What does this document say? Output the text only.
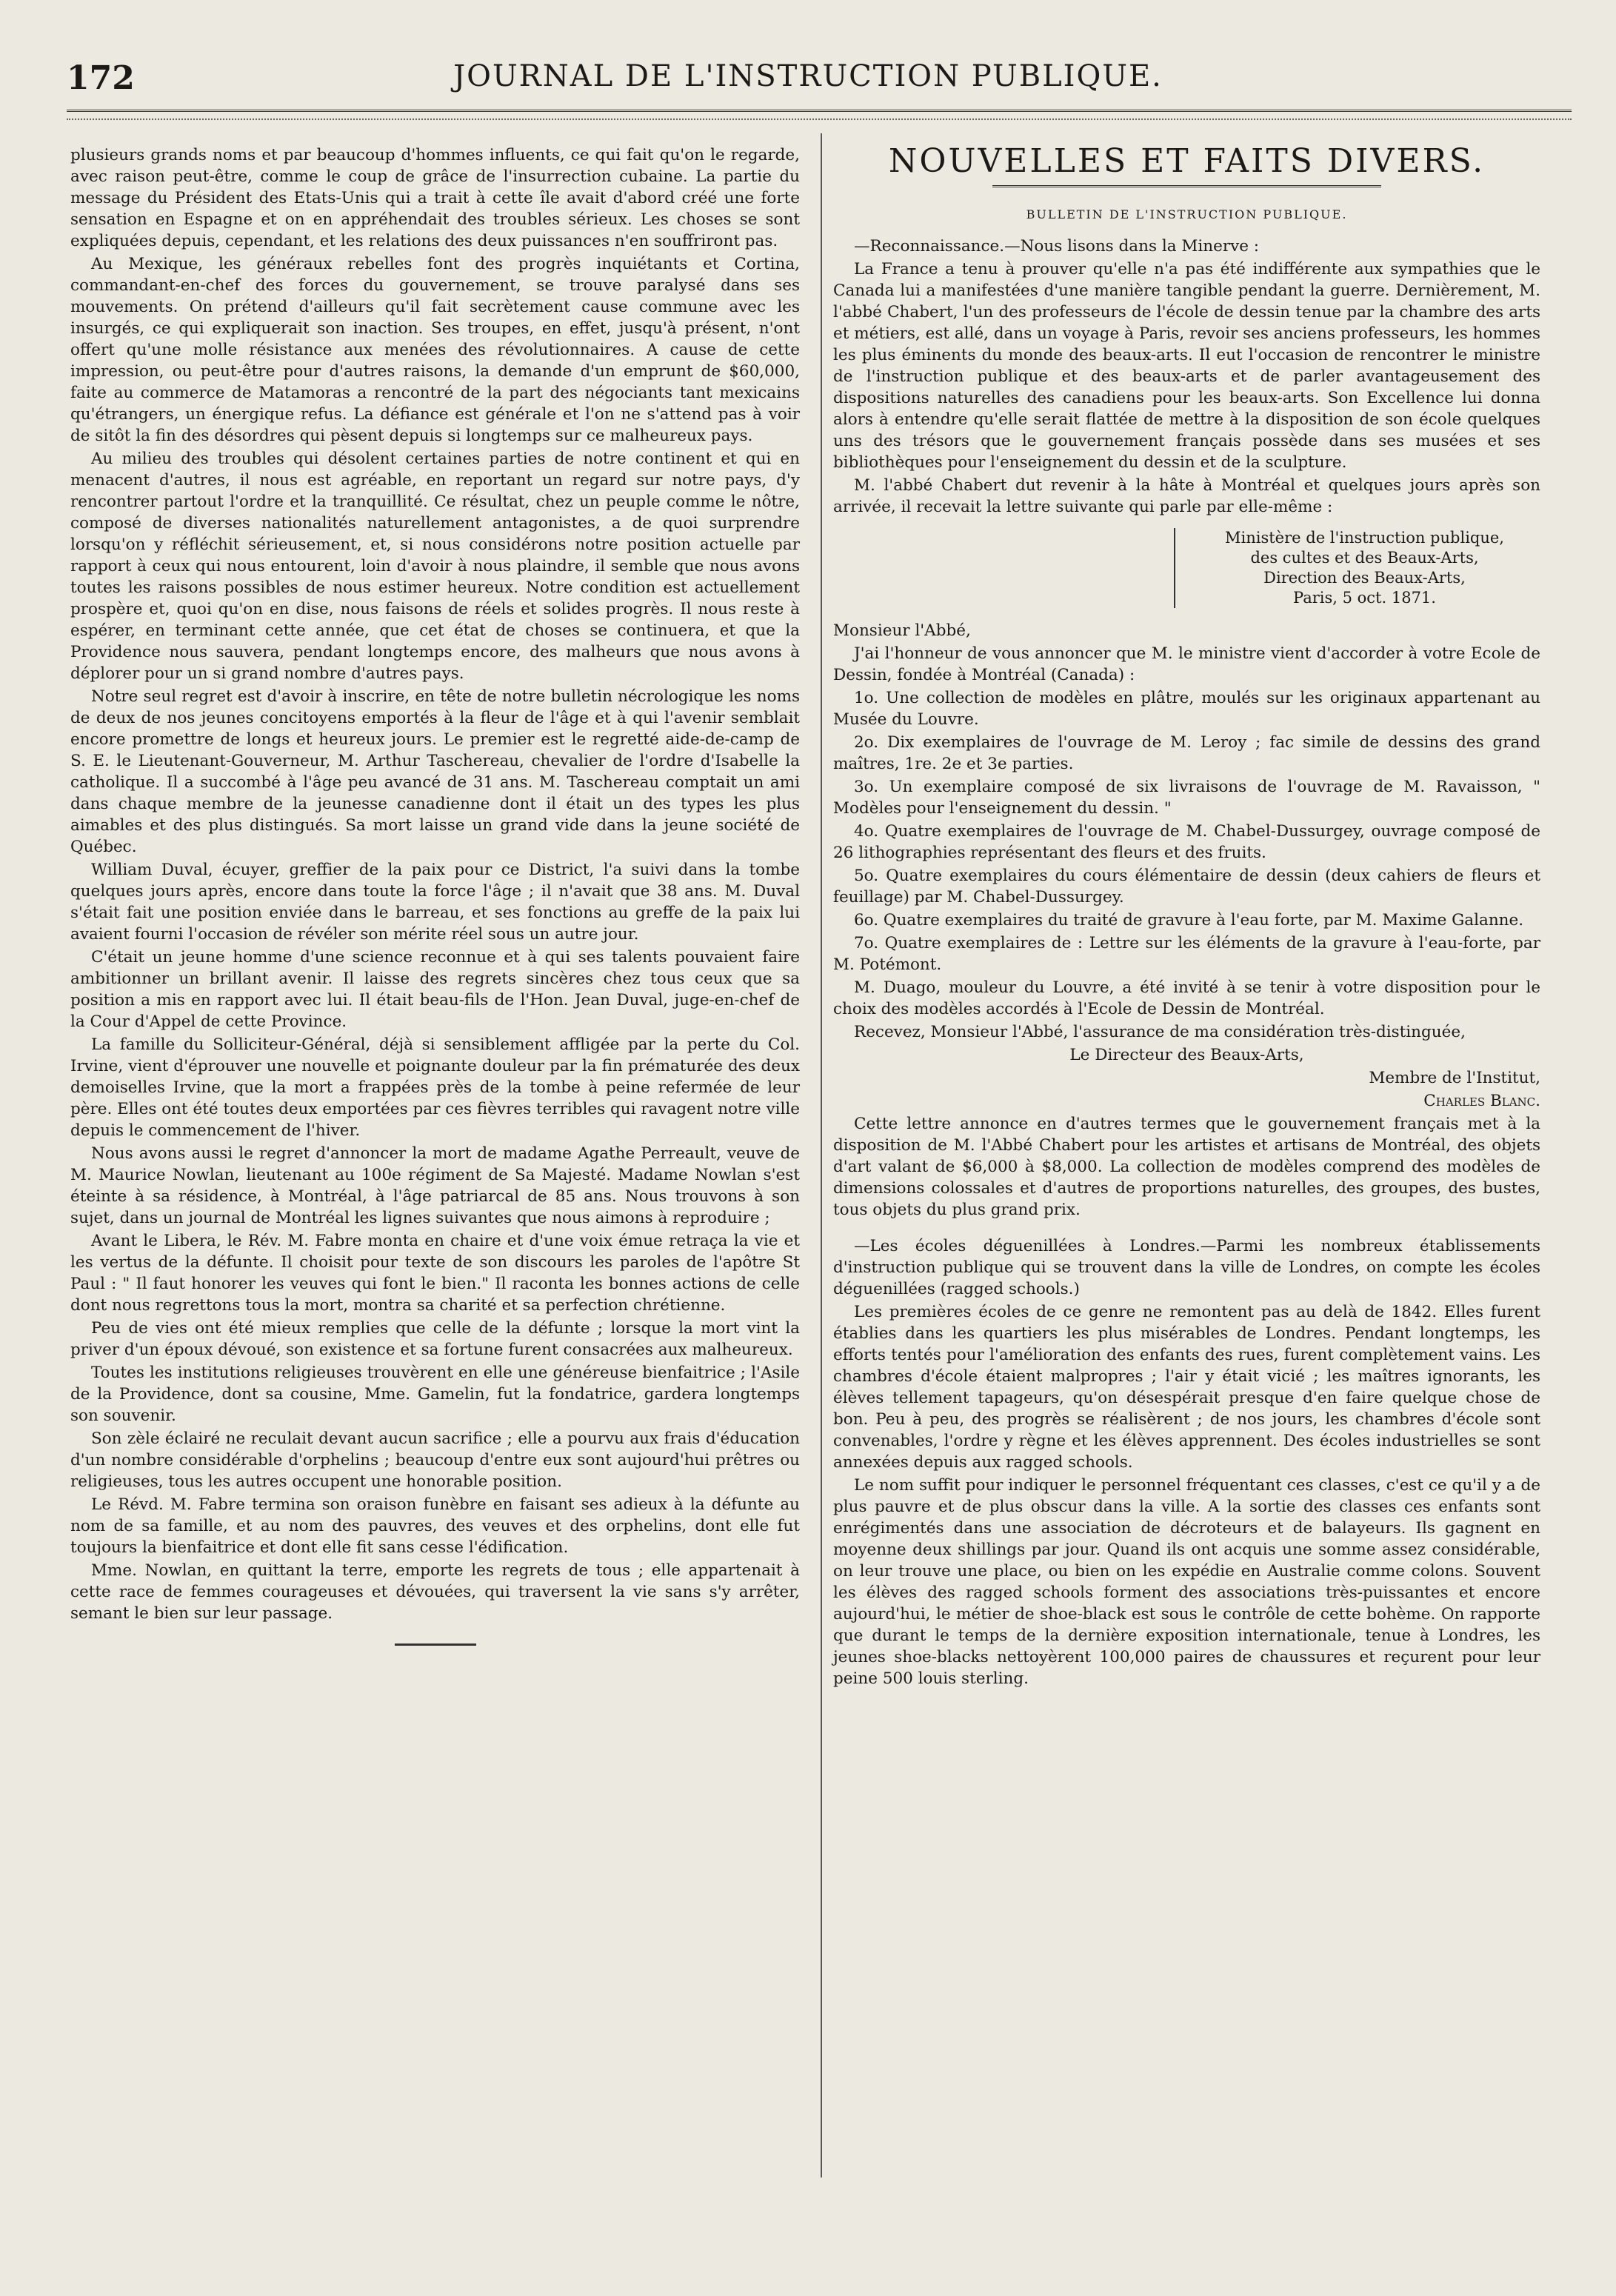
172	JOURNAL DE L'INSTRUCTION PUBLIQUE.

plusieurs grands noms et par beaucoup d'hommes influents, ce qui fait qu'on le regarde, avec raison peut-être, comme le coup de grâce de l'insurrection cubaine. La partie du message du Président des Etats-Unis qui a trait à cette île avait d'abord créé une forte sensation en Espagne et on en appréhendait des troubles sérieux. Les choses se sont expliquées depuis, cependant, et les relations des deux puissances n'en souffriront pas.

Au Mexique, les généraux rebelles font des progrès inquiétants et Cortina, commandant-en-chef des forces du gouvernement, se trouve paralysé dans ses mouvements. On prétend d'ailleurs qu'il fait secrètement cause commune avec les insurgés, ce qui expliquerait son inaction. Ses troupes, en effet, jusqu'à présent, n'ont offert qu'une molle résistance aux menées des révolutionnaires. A cause de cette impression, ou peut-être pour d'autres raisons, la demande d'un emprunt de $60,000, faite au commerce de Matamoras a rencontré de la part des négociants tant mexicains qu'étrangers, un énergique refus. La défiance est générale et l'on ne s'attend pas à voir de sitôt la fin des désordres qui pèsent depuis si longtemps sur ce malheureux pays.

Au milieu des troubles qui désolent certaines parties de notre continent et qui en menacent d'autres, il nous est agréable, en reportant un regard sur notre pays, d'y rencontrer partout l'ordre et la tranquillité. Ce résultat, chez un peuple comme le nôtre, composé de diverses nationalités naturellement antagonistes, a de quoi surprendre lorsqu'on y réfléchit sérieusement, et, si nous considérons notre position actuelle par rapport à ceux qui nous entourent, loin d'avoir à nous plaindre, il semble que nous avons toutes les raisons possibles de nous estimer heureux. Notre condition est actuellement prospère et, quoi qu'on en dise, nous faisons de réels et solides progrès. Il nous reste à espérer, en terminant cette année, que cet état de choses se continuera, et que la Providence nous sauvera, pendant longtemps encore, des malheurs que nous avons à déplorer pour un si grand nombre d'autres pays.

Notre seul regret est d'avoir à inscrire, en tête de notre bulletin nécrologique les noms de deux de nos jeunes concitoyens emportés à la fleur de l'âge et à qui l'avenir semblait encore promettre de longs et heureux jours. Le premier est le regretté aide-de-camp de S. E. le Lieutenant-Gouverneur, M. Arthur Taschereau, chevalier de l'ordre d'Isabelle la catholique. Il a succombé à l'âge peu avancé de 31 ans. M. Taschereau comptait un ami dans chaque membre de la jeunesse canadienne dont il était un des types les plus aimables et des plus distingués. Sa mort laisse un grand vide dans la jeune société de Québec.

William Duval, écuyer, greffier de la paix pour ce District, l'a suivi dans la tombe quelques jours après, encore dans toute la force l'âge ; il n'avait que 38 ans. M. Duval s'était fait une position enviée dans le barreau, et ses fonctions au greffe de la paix lui avaient fourni l'occasion de révéler son mérite réel sous un autre jour.

C'était un jeune homme d'une science reconnue et à qui ses talents pouvaient faire ambitionner un brillant avenir. Il laisse des regrets sincères chez tous ceux que sa position a mis en rapport avec lui. Il était beau-fils de l'Hon. Jean Duval, juge-en-chef de la Cour d'Appel de cette Province.

La famille du Solliciteur-Général, déjà si sensiblement affligée par la perte du Col. Irvine, vient d'éprouver une nouvelle et poignante douleur par la fin prématurée des deux demoiselles Irvine, que la mort a frappées près de la tombe à peine refermée de leur père. Elles ont été toutes deux emportées par ces fièvres terribles qui ravagent notre ville depuis le commencement de l'hiver.

Nous avons aussi le regret d'annoncer la mort de madame Agathe Perreault, veuve de M. Maurice Nowlan, lieutenant au 100e régiment de Sa Majesté. Madame Nowlan s'est éteinte à sa résidence, à Montréal, à l'âge patriarcal de 85 ans. Nous trouvons à son sujet, dans un journal de Montréal les lignes suivantes que nous aimons à reproduire ;

Avant le Libera, le Rév. M. Fabre monta en chaire et d'une voix émue retraça la vie et les vertus de la défunte. Il choisit pour texte de son discours les paroles de l'apôtre St Paul : " Il faut honorer les veuves qui font le bien." Il raconta les bonnes actions de celle dont nous regrettons tous la mort, montra sa charité et sa perfection chrétienne.

Peu de vies ont été mieux remplies que celle de la défunte ; lorsque la mort vint la priver d'un époux dévoué, son existence et sa fortune furent consacrées aux malheureux.

Toutes les institutions religieuses trouvèrent en elle une généreuse bienfaitrice ; l'Asile de la Providence, dont sa cousine, Mme. Gamelin, fut la fondatrice, gardera longtemps son souvenir.

Son zèle éclairé ne reculait devant aucun sacrifice ; elle a pourvu aux frais d'éducation d'un nombre considérable d'orphelins ; beaucoup d'entre eux sont aujourd'hui prêtres ou religieuses, tous les autres occupent une honorable position.

Le Révd. M. Fabre termina son oraison funèbre en faisant ses adieux à la défunte au nom de sa famille, et au nom des pauvres, des veuves et des orphelins, dont elle fut toujours la bienfaitrice et dont elle fit sans cesse l'édification.

Mme. Nowlan, en quittant la terre, emporte les regrets de tous ; elle appartenait à cette race de femmes courageuses et dévouées, qui traversent la vie sans s'y arrêter, semant le bien sur leur passage.

NOUVELLES ET FAITS DIVERS.
BULLETIN DE L'INSTRUCTION PUBLIQUE.

—Reconnaissance.—Nous lisons dans la Minerve :

La France a tenu à prouver qu'elle n'a pas été indifférente aux sympathies que le Canada lui a manifestées d'une manière tangible pendant la guerre. Dernièrement, M. l'abbé Chabert, l'un des professeurs de l'école de dessin tenue par la chambre des arts et métiers, est allé, dans un voyage à Paris, revoir ses anciens professeurs, les hommes les plus éminents du monde des beaux-arts. Il eut l'occasion de rencontrer le ministre de l'instruction publique et des beaux-arts et de parler avantageusement des dispositions naturelles des canadiens pour les beaux-arts. Son Excellence lui donna alors à entendre qu'elle serait flattée de mettre à la disposition de son école quelques uns des trésors que le gouvernement français possède dans ses musées et ses bibliothèques pour l'enseignement du dessin et de la sculpture.

M. l'abbé Chabert dut revenir à la hâte à Montréal et quelques jours après son arrivée, il recevait la lettre suivante qui parle par elle-même :

Ministère de l'instruction publique,
des cultes et des Beaux-Arts,
Direction des Beaux-Arts,
Paris, 5 oct. 1871.

Monsieur l'Abbé,

J'ai l'honneur de vous annoncer que M. le ministre vient d'accorder à votre Ecole de Dessin, fondée à Montréal (Canada) :

1o. Une collection de modèles en plâtre, moulés sur les originaux appartenant au Musée du Louvre.

2o. Dix exemplaires de l'ouvrage de M. Leroy ; fac simile de dessins des grand maîtres, 1re. 2e et 3e parties.

3o. Un exemplaire composé de six livraisons de l'ouvrage de M. Ravaisson, " Modèles pour l'enseignement du dessin. "

4o. Quatre exemplaires de l'ouvrage de M. Chabel-Dussurgey, ouvrage composé de 26 lithographies représentant des fleurs et des fruits.

5o. Quatre exemplaires du cours élémentaire de dessin (deux cahiers de fleurs et feuillage) par M. Chabel-Dussurgey.

6o. Quatre exemplaires du traité de gravure à l'eau forte, par M. Maxime Galanne.

7o. Quatre exemplaires de : Lettre sur les éléments de la gravure à l'eau-forte, par M. Potémont.

M. Duago, mouleur du Louvre, a été invité à se tenir à votre disposition pour le choix des modèles accordés à l'Ecole de Dessin de Montréal.

Recevez, Monsieur l'Abbé, l'assurance de ma considération très-distinguée,

Le Directeur des Beaux-Arts,

Membre de l'Institut,

Charles Blanc.

Cette lettre annonce en d'autres termes que le gouvernement français met à la disposition de M. l'Abbé Chabert pour les artistes et artisans de Montréal, des objets d'art valant de $6,000 à $8,000. La collection de modèles comprend des modèles de dimensions colossales et d'autres de proportions naturelles, des groupes, des bustes, tous objets du plus grand prix.

—Les écoles déguenillées à Londres.—Parmi les nombreux établissements d'instruction publique qui se trouvent dans la ville de Londres, on compte les écoles déguenillées (ragged schools.)

Les premières écoles de ce genre ne remontent pas au delà de 1842. Elles furent établies dans les quartiers les plus misérables de Londres. Pendant longtemps, les efforts tentés pour l'amélioration des enfants des rues, furent complètement vains. Les chambres d'école étaient malpropres ; l'air y était vicié ; les maîtres ignorants, les élèves tellement tapageurs, qu'on désespérait presque d'en faire quelque chose de bon. Peu à peu, des progrès se réalisèrent ; de nos jours, les chambres d'école sont convenables, l'ordre y règne et les élèves apprennent. Des écoles industrielles se sont annexées depuis aux ragged schools.

Le nom suffit pour indiquer le personnel fréquentant ces classes, c'est ce qu'il y a de plus pauvre et de plus obscur dans la ville. A la sortie des classes ces enfants sont enrégimentés dans une association de décroteurs et de balayeurs. Ils gagnent en moyenne deux shillings par jour. Quand ils ont acquis une somme assez considérable, on leur trouve une place, ou bien on les expédie en Australie comme colons. Souvent les élèves des ragged schools forment des associations très-puissantes et encore aujourd'hui, le métier de shoe-black est sous le contrôle de cette bohème. On rapporte que durant le temps de la dernière exposition internationale, tenue à Londres, les jeunes shoe-blacks nettoyèrent 100,000 paires de chaussures et reçurent pour leur peine 500 louis sterling.
